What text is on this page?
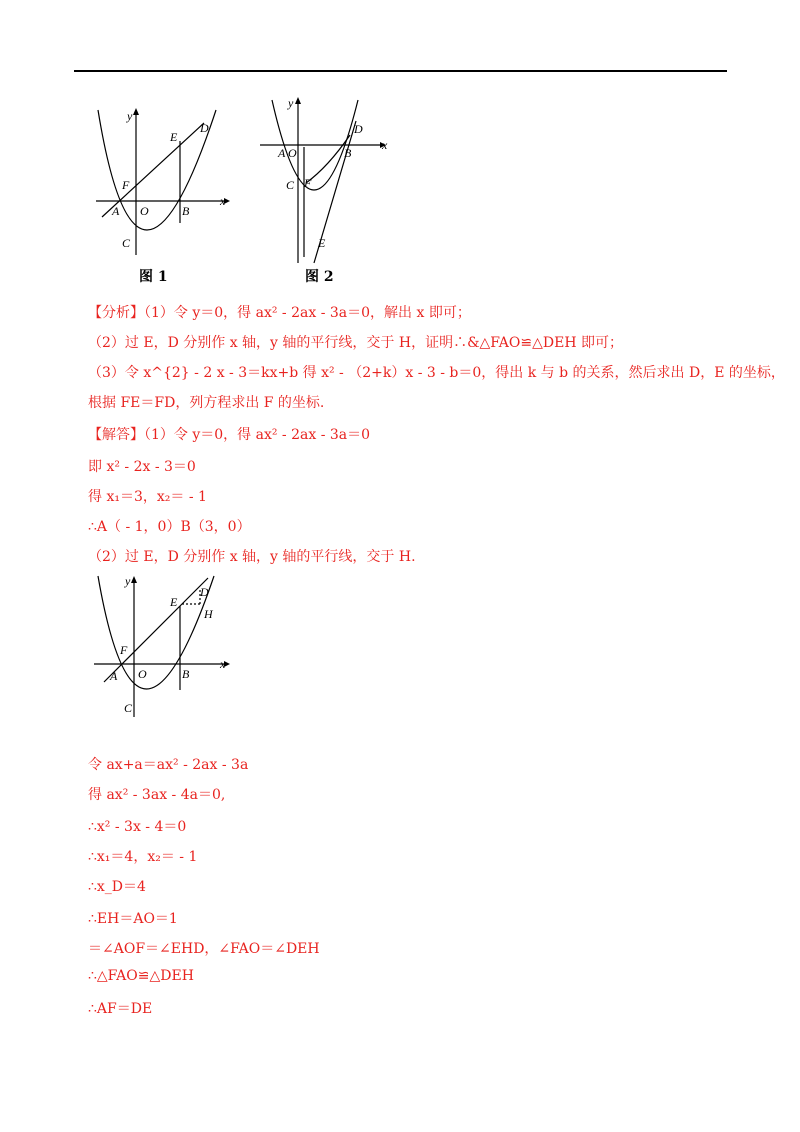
y
x
E
D
F
A O	B
C
图 1
y
x
D
A O	B
C F
E
图 2
【分析】（1）令 y＝0，得 ax² - 2ax - 3a＝0，解出 x 即可；
（2）过 E，D 分别作 x 轴，y 轴的平行线，交于 H，证明∴&△FAO≌△DEH 即可；
（3）令 x^{2} - 2 x - 3＝kx+b 得 x² - （2+k）x - 3 - b＝0，得出 k 与 b 的关系，然后求出 D，E 的坐标，
根据 FE＝FD，列方程求出 F 的坐标.
【解答】（1）令 y＝0，得 ax² - 2ax - 3a＝0
即 x² - 2x - 3＝0
得 x₁＝3，x₂＝ - 1
∴A（ - 1，0）B（3，0）
（2）过 E，D 分别作 x 轴，y 轴的平行线，交于 H.
y
x
E
D
H
F
A O	B
C
令 ax+a＝ax² - 2ax - 3a
得 ax² - 3ax - 4a＝0,
∴x² - 3x - 4＝0
∴x₁＝4，x₂＝ - 1
∴x_D＝4
∴EH＝AO＝1
＝∠AOF＝∠EHD，∠FAO＝∠DEH
∴△FAO≌△DEH
∴AF＝DE
